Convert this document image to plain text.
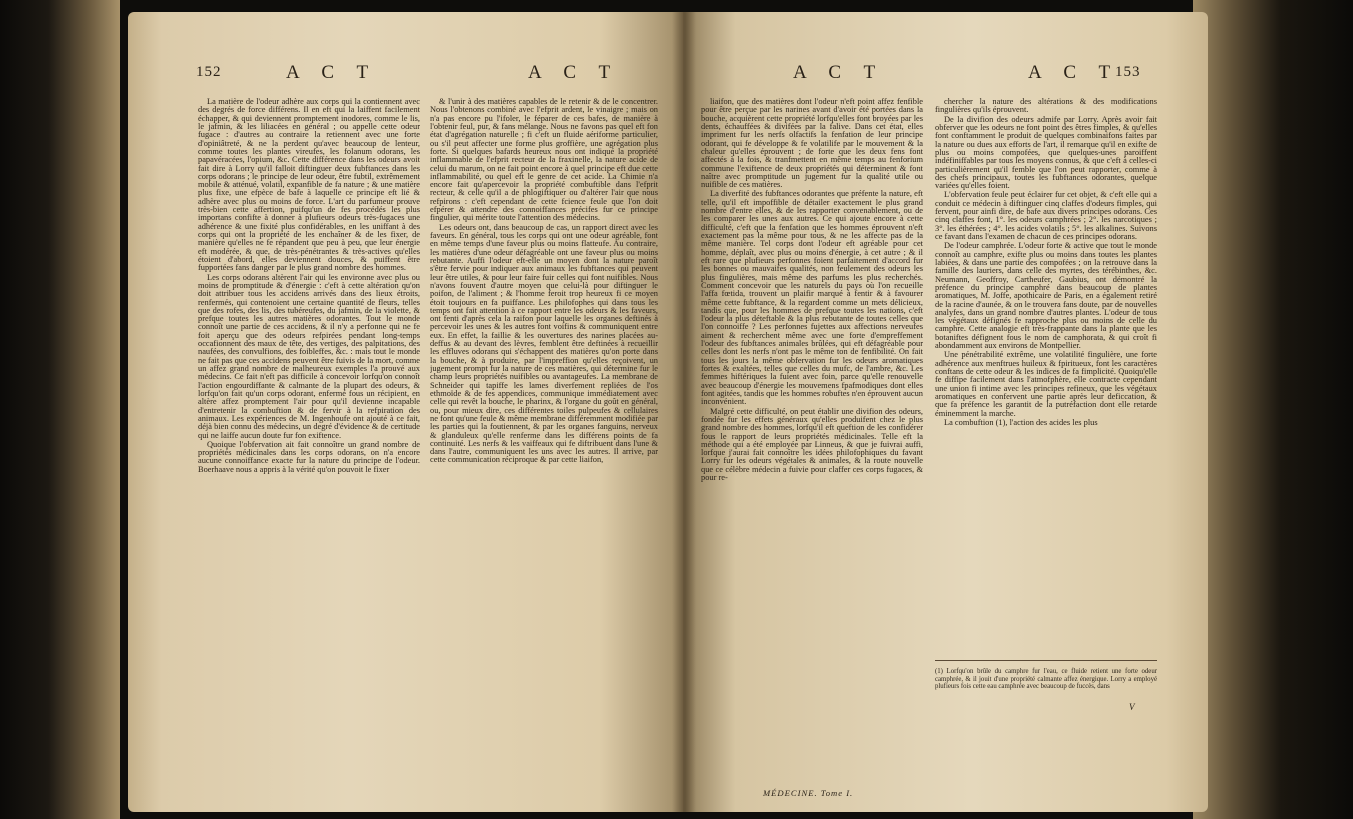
152	A C T	A C T

La matière de l'odeur adhère aux corps qui la contiennent avec des degrés de force différens. Il en eft qui la laiffent facilement échapper, & qui deviennent promptement inodores, comme le lis, le jafmin, & les liliacées en général ; ou appelle cette odeur fugace : d'autres au contraire la retiennent avec une forte d'opiniâtreté, & ne la perdent qu'avec beaucoup de lenteur, comme toutes les plantes vireufes, les folanum odorans, les papavéracées, l'opium, &c. Cette différence dans les odeurs avoit fait dire à Lorry qu'il falloit diftinguer deux fubftances dans les corps odorans ; le principe de leur odeur, être fubtil, extrêmement mobile & atténué, volatil, expanfible de fa nature ; & une matière plus fixe, une efpèce de bafe à laquelle ce principe eft lié & adhère avec plus ou moins de force. L'art du parfumeur prouve très-bien cette affertion, puifqu'un de fes procédés les plus importans confifte à donner à plufieurs odeurs très-fugaces une adhérence & une fixité plus confidérables, en les uniffant à des corps qui ont la propriété de les enchaîner & de les fixer, de manière qu'elles ne fe répandent que peu à peu, que leur énergie eft modérée, & que, de très-pénétrantes & très-actives qu'elles étoient d'abord, elles deviennent douces, & puiffent être fupportées fans danger par le plus grand nombre des hommes.

Les corps odorans altèrent l'air qui les environne avec plus ou moins de promptitude & d'énergie : c'eft à cette altération qu'on doit attribuer tous les accidens arrivés dans des lieux étroits, renfermés, qui contenoient une certaine quantité de fleurs, telles que des rofes, des lis, des tubéreufes, du jafmin, de la violette, & prefque toutes les autres matières odorantes. Tout le monde connoît une partie de ces accidens, & il n'y a perfonne qui ne fe foit aperçu que des odeurs refpirées pendant long-temps occafionnent des maux de tête, des vertiges, des palpitations, des naufées, des convulfions, des foibleffes, &c. : mais tout le monde ne fait pas que ces accidens peuvent être fuivis de la mort, comme un affez grand nombre de malheureux exemples l'a prouvé aux médecins. Ce fait n'eft pas difficile à concevoir lorfqu'on connoît l'action engourdiffante & calmante de la plupart des odeurs, & lorfqu'on fait qu'un corps odorant, enfermé fous un récipient, en altère affez promptement l'air pour qu'il devienne incapable d'entretenir la combuftion & de fervir à la refpiration des animaux. Les expériences de M. Ingenhoufe ont ajouté à ce fait, déjà bien connu des médecins, un degré d'évidence & de certitude qui ne laiffe aucun doute fur fon exiftence.

Quoique l'obfervation ait fait connoître un grand nombre de propriétés médicinales dans les corps odorans, on n'a encore aucune connoiffance exacte fur la nature du principe de l'odeur. Boerhaave nous a appris à la vérité qu'on pouvoit le fixer

& l'unir à des matières capables de le retenir & de le concentrer. Nous l'obtenons combiné avec l'efprit ardent, le vinaigre ; mais on n'a pas encore pu l'ifoler, le féparer de ces bafes, de manière à l'obtenir feul, pur, & fans mélange. Nous ne favons pas quel eft fon état d'agrégation naturelle ; fi c'eft un fluide aériforme particulier, ou s'il peut affecter une forme plus groffière, une agrégation plus forte. Si quelques bafards heureux nous ont indiqué la propriété inflammable de l'efprit recteur de la fraxinelle, la nature acide de celui du marum, on ne fait point encore à quel principe eft due cette inflammabilité, ou quel eft le genre de cet acide. La Chimie n'a encore fait qu'apercevoir la propriété combuftible dans l'efprit recteur, & celle qu'il a de phlogiftiquer ou d'altérer l'air que nous refpirons : c'eft cependant de cette fcience feule que l'on doit efpérer & attendre des connoiffances précifes fur ce principe fingulier, qui mérite toute l'attention des médecins.

Les odeurs ont, dans beaucoup de cas, un rapport direct avec les faveurs. En général, tous les corps qui ont une odeur agréable, font en même temps d'une faveur plus ou moins flatteufe. Au contraire, les matières d'une odeur défagréable ont une faveur plus ou moins rebutante. Auffi l'odeur eft-elle un moyen dont la nature paroît s'être fervie pour indiquer aux animaux les fubftances qui peuvent leur être utiles, & pour leur faire fuir celles qui font nuifibles. Nous n'avons fouvent d'autre moyen que celui-là pour diftinguer le poifon, de l'aliment ; & l'homme feroit trop heureux fi ce moyen étoit toujours en fa puiffance. Les philofophes qui dans tous les temps ont fait attention à ce rapport entre les odeurs & les faveurs, ont fenti d'après cela la raifon pour laquelle les organes deftinés à percevoir les unes & les autres font voifins & communiquent entre eux. En effet, la faillie & les ouvertures des narines placées au-deffus & au devant des lèvres, femblent être deftinées à recueillir les effluves odorans qui s'échappent des matières qu'on porte dans la bouche, & à produire, par l'impreffion qu'elles reçoivent, un jugement prompt fur la nature de ces matières, qui détermine fur le champ leurs propriétés nuifibles ou avantageufes. La membrane de Schneider qui tapiffe les lames diverfement repliées de l'os ethmoïde & de fes appendices, communique immédiatement avec celle qui revêt la bouche, le pharinx, & l'organe du goût en général, ou, pour mieux dire, ces différentes toiles pulpeufes & cellulaires ne font qu'une feule & même membrane différemment modifiée par les parties qui la foutiennent, & par les organes fanguins, nerveux & glanduleux qu'elle renferme dans les différens points de fa continuité. Les nerfs & les vaiffeaux qui fe diftribuent dans l'une & dans l'autre, communiquent les uns avec les autres. Il arrive, par cette communication réciproque & par cette liaifon,

A C T	A C T
153

liaifon, que des matières dont l'odeur n'eft point affez fenfible pour être perçue par les narines avant d'avoir été portées dans la bouche, acquièrent cette propriété lorfqu'elles font broyées par les dents, échauffées & divifées par la falive. Dans cet état, elles impriment fur les nerfs olfactifs la fenfation de leur principe odorant, qui fe développe & fe volatilife par le mouvement & la chaleur qu'elles éprouvent ; de forte que les deux fens font affectés à la fois, & tranfmettent en même temps au fenforium commune l'exiftence de deux propriétés qui déterminent & font naître avec promptitude un jugement fur la qualité utile ou nuifible de ces matières.

La diverfité des fubftances odorantes que préfente la nature, eft telle, qu'il eft impoffible de détailer exactement le plus grand nombre d'entre elles, & de les rapporter convenablement, ou de les comparer les unes aux autres. Ce qui ajoute encore à cette difficulté, c'eft que la fenfation que les hommes éprouvent n'eft exactement pas la même pour tous, & ne les affecte pas de la même manière. Tel corps dont l'odeur eft agréable pour cet homme, déplaît, avec plus ou moins d'énergie, à cet autre ; & il eft rare que plufieurs perfonnes foient parfaitement d'accord fur les bonnes ou mauvaifes qualités, non feulement des odeurs les plus fingulières, mais même des parfums les plus recherchés. Comment concevoir que les naturels du pays où l'on recueille l'affa fœtida, trouvent un plaifir marqué à fentir & à favourer même cette fubftance, & la regardent comme un mets délicieux, tandis que, pour les hommes de prefque toutes les nations, c'eft l'odeur la plus déteftable & la plus rebutante de toutes celles que l'on connoiffe ? Les perfonnes fujettes aux affections nerveufes aiment & recherchent même avec une forte d'empreffement l'odeur des fubftances animales brûlées, qui eft défagréable pour celles dont les nerfs n'ont pas le même ton de fenfibilité. On fait tous les jours la même obfervation fur les odeurs aromatiques fortes & exaltées, telles que celles du mufc, de l'ambre, &c. Les femmes hiftériques la fuient avec foin, parce qu'elle renouvelle avec beaucoup d'énergie les mouvemens fpafmodiques dont elles font agitées, tandis que les hommes robuftes n'en éprouvent aucun inconvénient.

Malgré cette difficulté, on peut établir une divifion des odeurs, fondée fur les effets généraux qu'elles produifent chez le plus grand nombre des hommes, lorfqu'il eft queftion de les confidérer fous le rapport de leurs propriétés médicinales. Telle eft la méthode qui a été employée par Linneus, & que je fuivrai auffi, lorfque j'aurai fait connoître les idées philofophiques du favant Lorry fur les odeurs végétales & animales, & la route nouvelle que ce célèbre médecin a fuivie pour claffer ces corps fugaces, & pour re-

MÉDECINE. Tome I.

chercher la nature des altérations & des modifications fingulières qu'ils éprouvent.

De la divifion des odeurs admife par Lorry. Après avoir fait obferver que les odeurs ne font point des êtres fimples, & qu'elles font conftamment le produit de quelques combinaifons faites par la nature ou dues aux efforts de l'art, il remarque qu'il en exifte de plus ou moins compofées, que quelques-unes paroiffent indéfiniffables par tous les moyens connus, & que c'eft à celles-ci particulièrement qu'il femble que l'on peut rapporter, comme à des chefs principaux, toutes les fubftances odorantes, quelque variées qu'elles foient.

L'obfervation feule peut éclairer fur cet objet, & c'eft elle qui a conduit ce médecin à diftinguer cinq claffes d'odeurs fimples, qui fervent, pour ainfi dire, de bafe aux divers principes odorans. Ces cinq claffes font, 1°. les odeurs camphrées ; 2°. les narcotiques ; 3°. les éthérées ; 4°. les acides volatils ; 5°. les alkalines. Suivons ce favant dans l'examen de chacun de ces principes odorans.

De l'odeur camphrée. L'odeur forte & active que tout le monde connoît au camphre, exifte plus ou moins dans toutes les plantes labiées, & dans une partie des compofées ; on la retrouve dans la famille des lauriers, dans celle des myrtes, des térébinthes, &c. Neumann, Geoffroy, Cartheufer, Gaubius, ont démontré la préfence du principe camphré dans beaucoup de plantes aromatiques, M. Joffe, apothicaire de Paris, en a également retiré de la racine d'aunée, & on le trouvera fans doute, par de nouvelles analyfes, dans un grand nombre d'autres plantes. L'odeur de tous les végétaux défignés fe rapproche plus ou moins de celle du camphre. Cette analogie eft très-frappante dans la plante que les botaniftes défignent fous le nom de camphorata, & qui croît fi abondamment aux environs de Montpellier.

Une pénétrabilité extrême, une volatilité fingulière, une forte adhérence aux menftrues huileux & fpiritueux, font les caractères conftans de cette odeur & les indices de fa fimplicité. Quoiqu'elle fe diffipe facilement dans l'atmofphère, elle contracte cependant une union fi intime avec les principes refineux, que les végétaux aromatiques en confervent une partie après leur deficcation, & que fa préfence les garantit de la putréfaction dont elle retarde éminemment la marche.

La combuftion (1), l'action des acides les plus

(1) Lorfqu'on brûle du camphre fur l'eau, ce fluide retient une forte odeur camphrée, & il jouit d'une propriété calmante affez énergique. Lorry a employé plufieurs fois cette eau camphrée avec beaucoup de fuccès, dans
V
